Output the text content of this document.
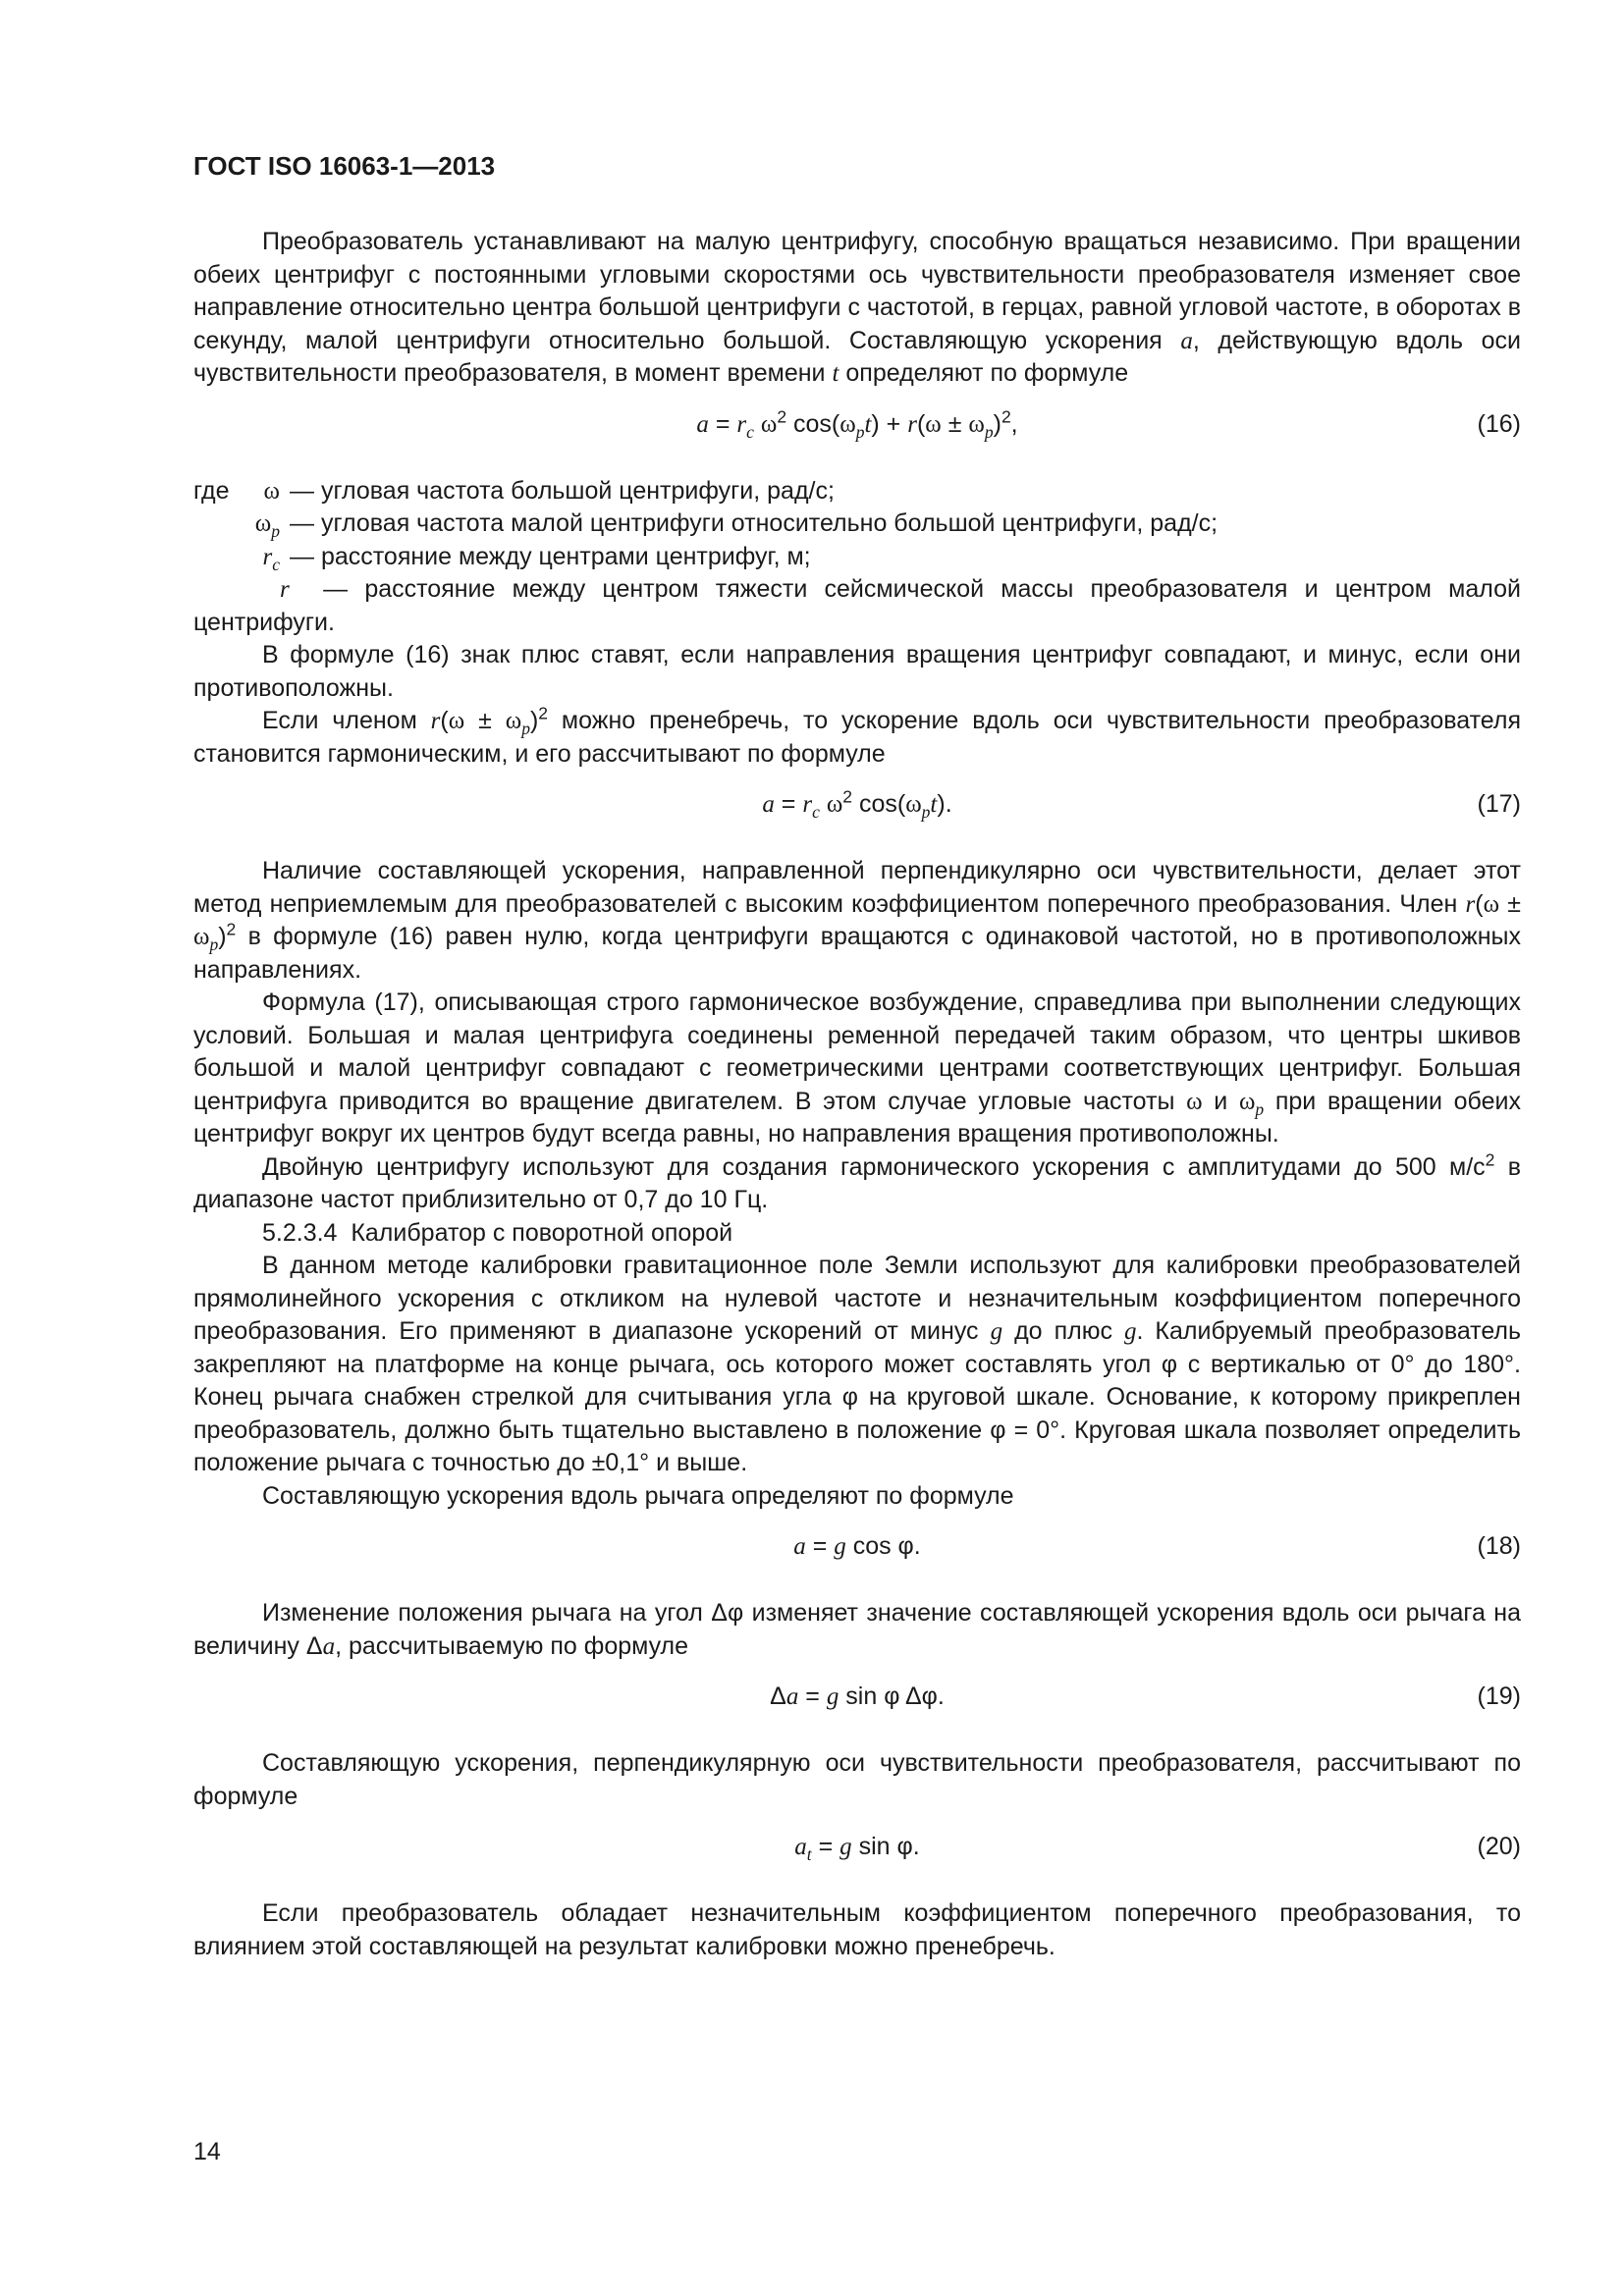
ГОСТ ISO 16063-1—2013

Преобразователь устанавливают на малую центрифугу, способную вращаться независимо. При вращении обеих центрифуг с постоянными угловыми скоростями ось чувствительности преобразователя изменяет свое направление относительно центра большой центрифуги с частотой, в герцах, равной угловой частоте, в оборотах в секунду, малой центрифуги относительно большой. Составляющую ускорения a, действующую вдоль оси чувствительности преобразователя, в момент времени t определяют по формуле

$a = r_c$ $\omega^2$ $\cos(\omega_pt) + r(\omega \pm \omega_p)^2$,	(16)
где ω — угловая частота большой центрифуги, рад/с;
$\omega_p$ — угловая частота малой центрифуги относительно большой центрифуги, рад/с;
$r_c$ — расстояние между центрами центрифуг, м;

r — расстояние между центром тяжести сейсмической массы преобразователя и центром малой центрифуги.

В формуле (16) знак плюс ставят, если направления вращения центрифуг совпадают, и минус, если они противоположны.

Если членом $r(\omega \pm \omega_p)^2$ можно пренебречь, то ускорение вдоль оси чувствительности преобразователя становится гармоническим, и его рассчитывают по формуле

$a = r_c$ $\omega^2$ $\cos(\omega_pt)$.	(17)

Наличие составляющей ускорения, направленной перпендикулярно оси чувствительности, делает этот метод неприемлемым для преобразователей с высоким коэффициентом поперечного преобразования. Член $r(\omega \pm \omega_p)^2$ в формуле (16) равен нулю, когда центрифуги вращаются с одинаковой частотой, но в противоположных направлениях.

Формула (17), описывающая строго гармоническое возбуждение, справедлива при выполнении следующих условий. Большая и малая центрифуга соединены ременной передачей таким образом, что центры шкивов большой и малой центрифуг совпадают с геометрическими центрами соответствующих центрифуг. Большая центрифуга приводится во вращение двигателем. В этом случае угловые частоты ω и $\omega_p$ при вращении обеих центрифуг вокруг их центров будут всегда равны, но направления вращения противоположны.

Двойную центрифугу используют для создания гармонического ускорения с амплитудами до 500 $м/с^2$ в диапазоне частот приблизительно от 0,7 до 10 Гц.

5.2.3.4  Калибратор с поворотной опорой

В данном методе калибровки гравитационное поле Земли используют для калибровки преобразователей прямолинейного ускорения с откликом на нулевой частоте и незначительным коэффициентом поперечного преобразования. Его применяют в диапазоне ускорений от минус g до плюс g. Калибруемый преобразователь закрепляют на платформе на конце рычага, ось которого может составлять угол φ с вертикалью от 0° до 180°. Конец рычага снабжен стрелкой для считывания угла φ на круговой шкале. Основание, к которому прикреплен преобразователь, должно быть тщательно выставлено в положение φ = 0°. Круговая шкала позволяет определить положение рычага с точностью до ±0,1° и выше.

Составляющую ускорения вдоль рычага определяют по формуле

a = g cos φ.	(18)

Изменение положения рычага на угол Δφ изменяет значение составляющей ускорения вдоль оси рычага на величину Δa, рассчитываемую по формуле

Δa = g sin φ Δφ.	(19)

Составляющую ускорения, перпендикулярную оси чувствительности преобразователя, рассчитывают по формуле

$a_t = g$ sin φ.	(20)

Если преобразователь обладает незначительным коэффициентом поперечного преобразования, то влиянием этой составляющей на результат калибровки можно пренебречь.

14
